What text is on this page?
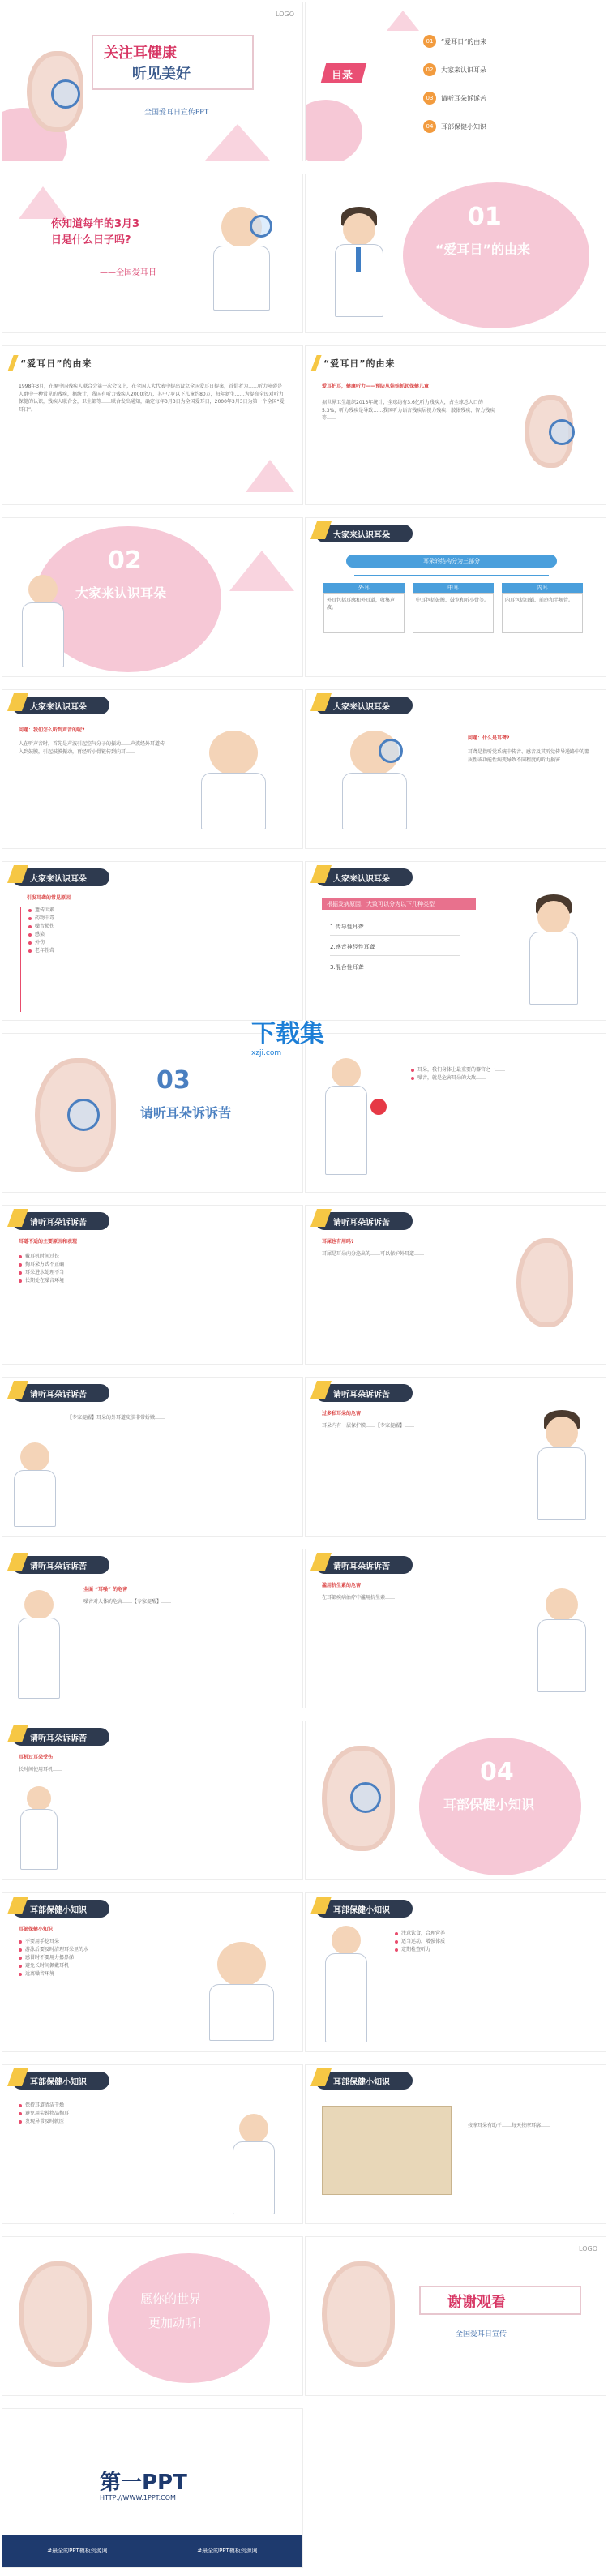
关注耳健康
听见美好
全国爱耳日宣传PPT
LOGO
目录
01	“爱耳日”的由来
02	大家来认识耳朵
03	请听耳朵诉诉苦
04	耳部保健小知识
你知道每年的3月3
日是什么日子吗?
——全国爱耳日
01
“爱耳日”的由来
“爱耳日”的由来
1998年3月，在原中国残疾人联合会第一次会议上，在全国人大代表中提出设立全国爱耳日提案，首倡者为……听力障碍是人群中一种常见的残疾，据统计，我国有听力残疾人2000余万，其中7岁以下儿童约80万，每年新生……为提高全民对听力保健的认识，残疾人联合会，卫生部等……联合发出通知，确定每年3月3日为全国爱耳日，2000年3月3日为第一个全国“爱耳日”。
“爱耳日”的由来
爱耳护耳，健康听力——预防从娃娃抓起保健儿童
据世界卫生组织2013年统计，全球约有3.6亿听力残疾人，占全球总人口的5.3%，听力残疾是导致……我国听力语言残疾居视力残疾、肢体残疾、智力残疾等……
02
大家来认识耳朵
大家来认识耳朵
耳朵的结构分为三部分
外耳
外耳包括耳廓和外耳道，收集声波。
中耳
中耳包括鼓膜、鼓室和听小骨等。
内耳
内耳包括耳蜗、前庭和半规管。
大家来认识耳朵
问题：我们怎么听到声音的呢?
人在听声音时，首先是声波引起空气分子的振动……声波经外耳道传入到鼓膜，引起鼓膜振动，再经听小骨链传到内耳……
大家来认识耳朵
问题：什么是耳聋?
耳聋是指听觉系统中传音、感音及其听觉传导通路中的器质性或功能性病变导致不同程度的听力损害……
大家来认识耳朵
引发耳聋的常见原因
遗传因素
药物中毒
噪音损伤
感染
外伤
老年性聋
大家来认识耳朵
根据发病原因，大致可以分为以下几种类型
1.传导性耳聋
2.感音神经性耳聋
3.混合性耳聋
03
请听耳朵诉诉苦
耳朵，我们身体上最重要的器官之一……
噪音，就是危害耳朵的大敌……
下载集
xzji.com
请听耳朵诉诉苦
耳道不适的主要原因和表现
戴耳机时间过长
掏耳朵方式不正确
耳朵进水处理不当
长期处在噪音环境
请听耳朵诉诉苦
耳屎也有用吗?
耳屎是耳朵内分泌出的……可以保护外耳道……
请听耳朵诉诉苦
【专家提醒】耳朵的外耳道皮肤非常娇嫩……
请听耳朵诉诉苦
过多私耳朵的危害
耳朵内有一层保护膜……【专家提醒】……
请听耳朵诉诉苦
全面 “耳噪” 的危害
噪音对人体的危害……【专家提醒】……
请听耳朵诉诉苦
滥用抗生素的危害
在耳部疾病治疗中滥用抗生素……
请听耳朵诉诉苦
耳机过耳朵受伤
长时间使用耳机……	04
耳部保健小知识
耳部保健小知识
耳部保健小知识
不要用手挖耳朵
游泳后要及时清理耳朵里的水
感冒时不要用力擤鼻涕
避免长时间佩戴耳机
远离噪音环境
耳部保健小知识
注意饮食，合理营养
适当运动，增强体质
定期检查听力
耳部保健小知识
保持耳道清洁干燥
避免用尖锐物品掏耳
发现异常及时就医
耳部保健小知识
按摩耳朵有助于……每天按摩耳廓……
愿你的世界
更加动听!
谢谢观看
全国爱耳日宣传
LOGO
第一PPT
HTTP://WWW.1PPT.COM
#最全的PPT模板资源网	#最全的PPT模板资源网
